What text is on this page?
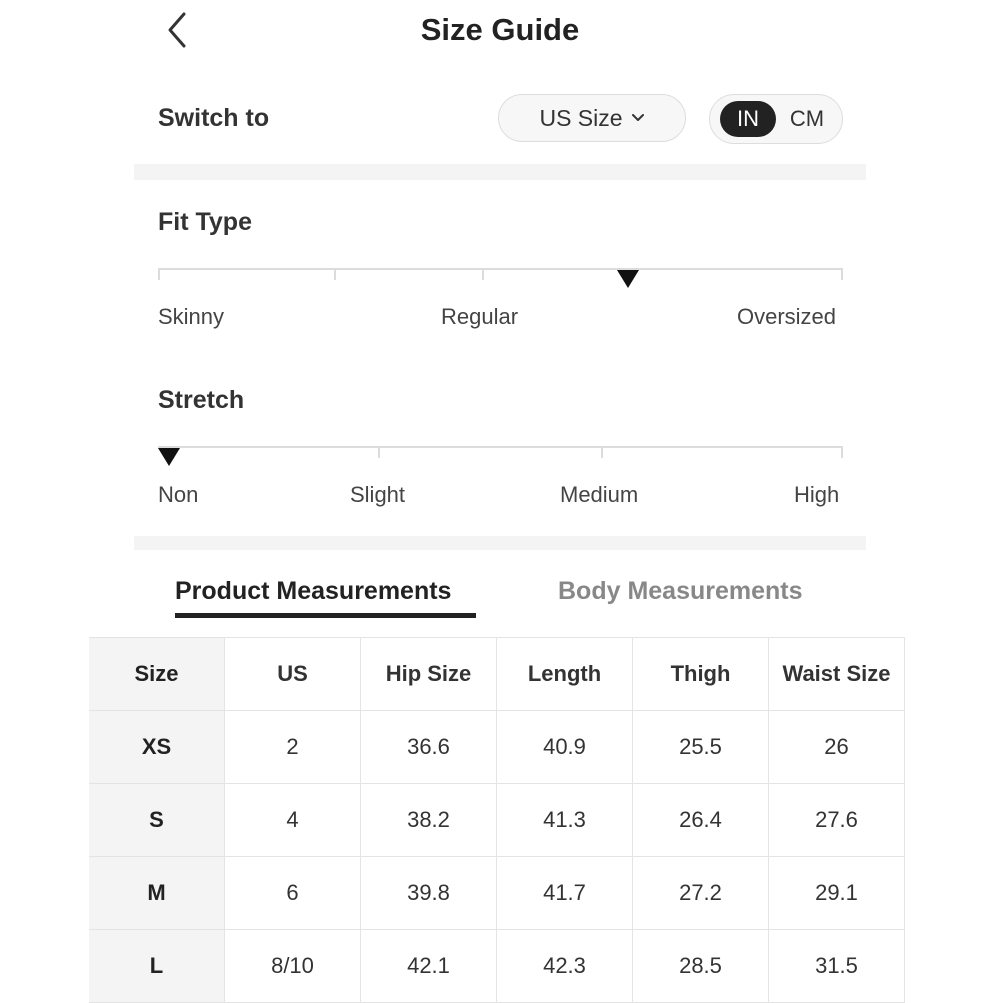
Size Guide
Switch to	US Size	IN	CM
Fit Type
Skinny	Regular	Oversized
Stretch
Non	Slight	Medium	High
Product Measurements	Body Measurements
Size	US	Hip Size	Length	Thigh	Waist Size
XS	2	36.6	40.9	25.5	26
S	4	38.2	41.3	26.4	27.6
M	6	39.8	41.7	27.2	29.1
L	8/10	42.1	42.3	28.5	31.5
